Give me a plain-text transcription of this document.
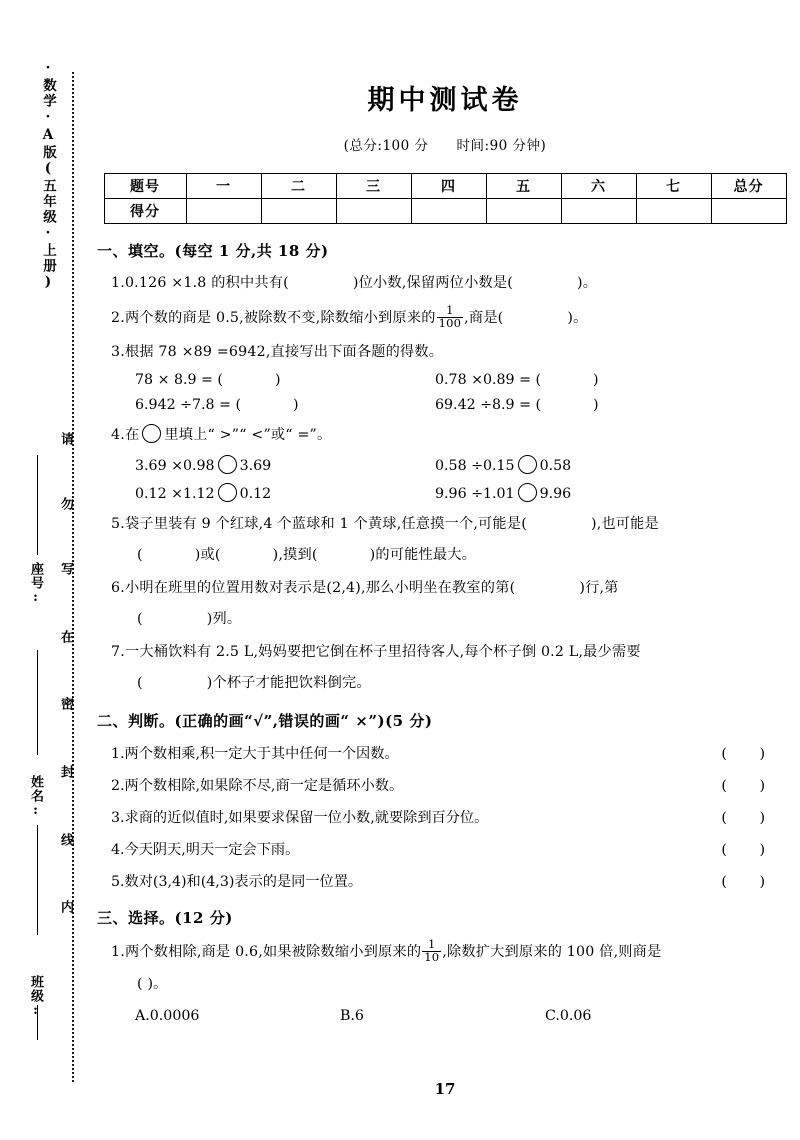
·数学·A版(五年级·上册)
请
勿
写
在
密
封
线
内
座号:
姓名:
班级:
期中测试卷
(总分:100 分 时间:90 分钟)
题号	一	二	三	四	五	六	七	总分
得分								
一、填空。(每空 1 分,共 18 分)
1.0.126 ×1.8 的积中共有(	)位小数,保留两位小数是(	)。
2.两个数的商是 0.5,被除数不变,除数缩小到原来的 $\frac{1}{100}$ ,商是(	)。
3.根据 78 ×89 =6942,直接写出下面各题的得数。
78 × 8.9 = (	)	0.78 ×0.89 = (	)
6.942 ÷7.8 = (	)	69.42 ÷8.9 = (	)
4.在 里填上“ >”“ <”或“ =”。
3.69 ×0.98 3.69	0.58 ÷0.15 0.58
0.12 ×1.12 0.12	9.96 ÷1.01 9.96
5.袋子里装有 9 个红球,4 个蓝球和 1 个黄球,任意摸一个,可能是(	),也可能是
(	)或(	),摸到(	)的可能性最大。
6.小明在班里的位置用数对表示是(2,4),那么小明坐在教室的第(	)行,第
(	)列。
7.一大桶饮料有 2.5 L,妈妈要把它倒在杯子里招待客人,每个杯子倒 0.2 L,最少需要
(	)个杯子才能把饮料倒完。
二、判断。(正确的画“√”,错误的画“ ×”)(5 分)
1. 两个数相乘,积一定大于其中任何一个因数。	( )
2. 两个数相除,如果除不尽,商一定是循环小数。	( )
3. 求商的近似值时,如果要求保留一位小数,就要除到百分位。	( )
4. 今天阴天,明天一定会下雨。	( )
5. 数对(3,4)和(4,3)表示的是同一位置。	( )
三、选择。(12 分)
1.两个数相除,商是 0.6,如果被除数缩小到原来的 $\frac{1}{10}$ ,除数扩大到原来的 100 倍,则商是
( )。
A.0.0006	B.6	C.0.06
17
